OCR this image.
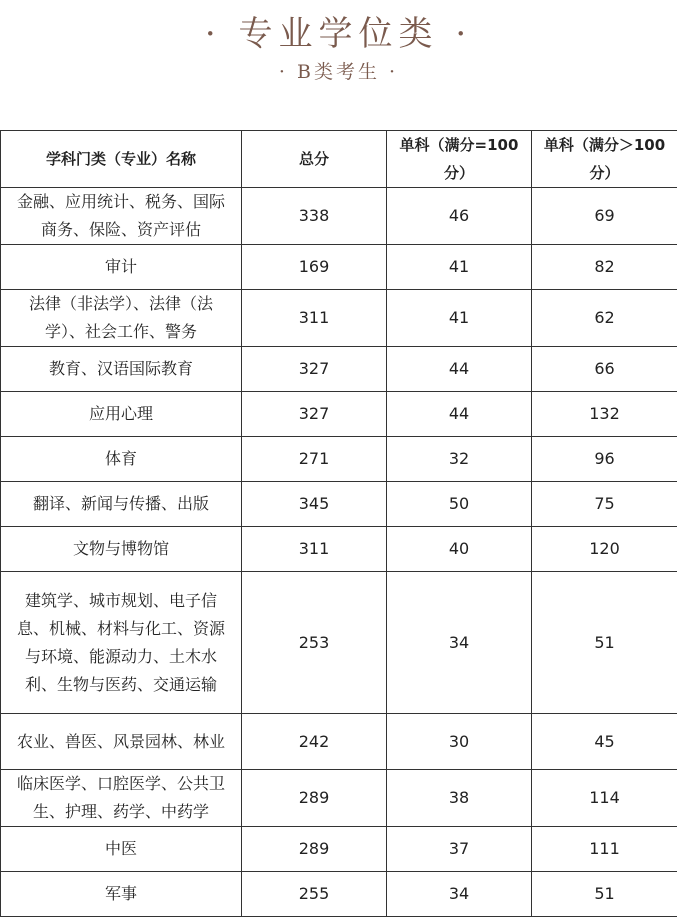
· 专业学位类 ·
· B类考生 ·
学科门类（专业）名称	总分	单科（满分=100分）	单科（满分＞100分）
金融、应用统计、税务、国际商务、保险、资产评估	338	46	69
审计	169	41	82
法律（非法学）、法律（法学）、社会工作、警务	311	41	62
教育、汉语国际教育	327	44	66
应用心理	327	44	132
体育	271	32	96
翻译、新闻与传播、出版	345	50	75
文物与博物馆	311	40	120
建筑学、城市规划、电子信息、机械、材料与化工、资源与环境、能源动力、土木水利、生物与医药、交通运输	253	34	51
农业、兽医、风景园林、林业	242	30	45
临床医学、口腔医学、公共卫生、护理、药学、中药学	289	38	114
中医	289	37	111
军事	255	34	51
